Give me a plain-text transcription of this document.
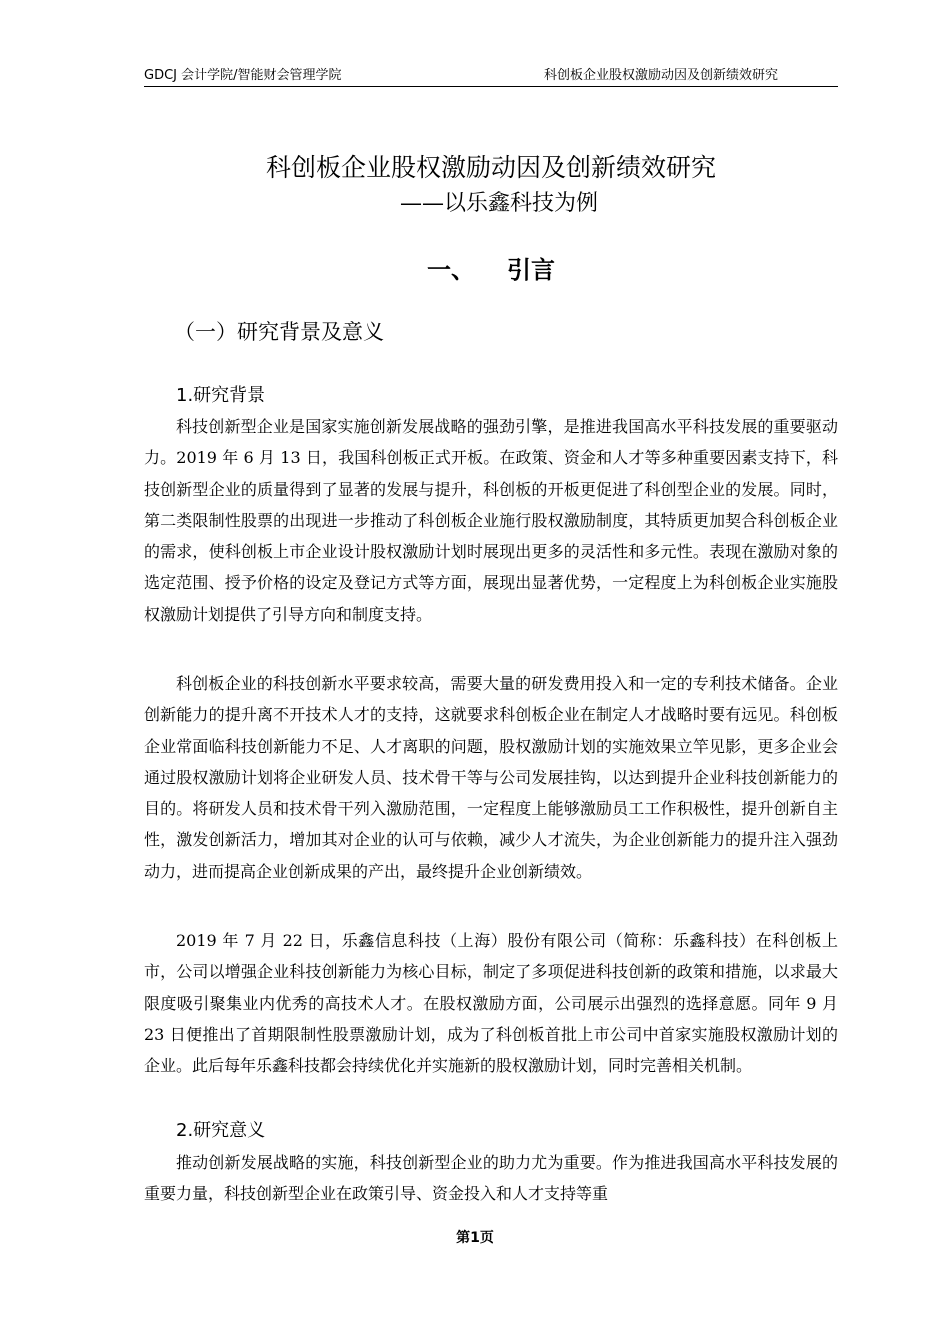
GDCJ 会计学院/智能财会管理学院	科创板企业股权激励动因及创新绩效研究
科创板企业股权激励动因及创新绩效研究
——以乐鑫科技为例
一、 引言
（一）研究背景及意义
1.研究背景

科技创新型企业是国家实施创新发展战略的强劲引擎，是推进我国高水平科技发展的重要驱动力。2019 年 6 月 13 日，我国科创板正式开板。在政策、资金和人才等多种重要因素支持下，科技创新型企业的质量得到了显著的发展与提升，科创板的开板更促进了科创型企业的发展。同时，第二类限制性股票的出现进一步推动了科创板企业施行股权激励制度，其特质更加契合科创板企业的需求，使科创板上市企业设计股权激励计划时展现出更多的灵活性和多元性。表现在激励对象的选定范围、授予价格的设定及登记方式等方面，展现出显著优势，一定程度上为科创板企业实施股权激励计划提供了引导方向和制度支持。

科创板企业的科技创新水平要求较高，需要大量的研发费用投入和一定的专利技术储备。企业创新能力的提升离不开技术人才的支持，这就要求科创板企业在制定人才战略时要有远见。科创板企业常面临科技创新能力不足、人才离职的问题，股权激励计划的实施效果立竿见影，更多企业会通过股权激励计划将企业研发人员、技术骨干等与公司发展挂钩，以达到提升企业科技创新能力的目的。将研发人员和技术骨干列入激励范围，一定程度上能够激励员工工作积极性，提升创新自主性，激发创新活力，增加其对企业的认可与依赖，减少人才流失，为企业创新能力的提升注入强劲动力，进而提高企业创新成果的产出，最终提升企业创新绩效。

2019 年 7 月 22 日，乐鑫信息科技（上海）股份有限公司（简称：乐鑫科技）在科创板上市，公司以增强企业科技创新能力为核心目标，制定了多项促进科技创新的政策和措施，以求最大限度吸引聚集业内优秀的高技术人才。在股权激励方面，公司展示出强烈的选择意愿。同年 9 月 23 日便推出了首期限制性股票激励计划，成为了科创板首批上市公司中首家实施股权激励计划的企业。此后每年乐鑫科技都会持续优化并实施新的股权激励计划，同时完善相关机制。

2.研究意义

推动创新发展战略的实施，科技创新型企业的助力尤为重要。作为推进我国高水平科技发展的重要力量，科技创新型企业在政策引导、资金投入和人才支持等重

第1页
